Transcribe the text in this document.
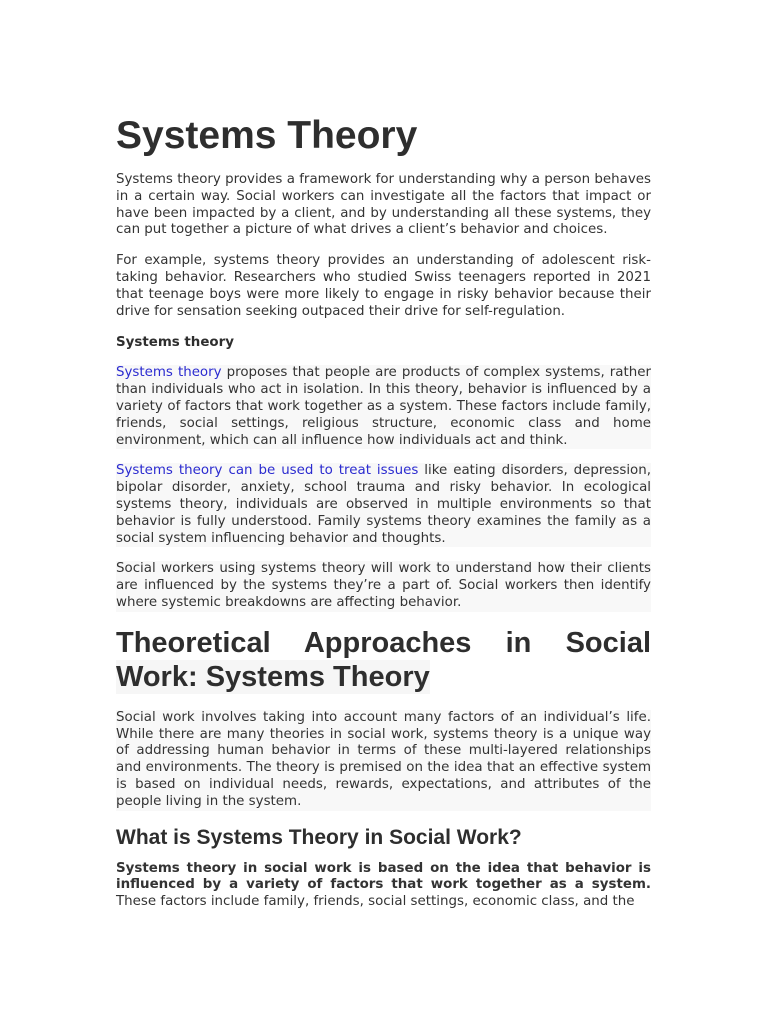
Systems Theory

Systems theory provides a framework for understanding why a person behaves in a certain way. Social workers can investigate all the factors that impact or have been impacted by a client, and by understanding all these systems, they can put together a picture of what drives a client’s behavior and choices.

For example, systems theory provides an understanding of adolescent risk-taking behavior. Researchers who studied Swiss teenagers reported in 2021 that teenage boys were more likely to engage in risky behavior because their drive for sensation seeking outpaced their drive for self-regulation.

Systems theory

Systems theory proposes that people are products of complex systems, rather than individuals who act in isolation. In this theory, behavior is influenced by a variety of factors that work together as a system. These factors include family, friends, social settings, religious structure, economic class and home environment, which can all influence how individuals act and think.

Systems theory can be used to treat issues like eating disorders, depression, bipolar disorder, anxiety, school trauma and risky behavior. In ecological systems theory, individuals are observed in multiple environments so that behavior is fully understood. Family systems theory examines the family as a social system influencing behavior and thoughts.

Social workers using systems theory will work to understand how their clients are influenced by the systems they’re a part of. Social workers then identify where systemic breakdowns are affecting behavior.

Theoretical Approaches in Social
Work: Systems Theory

Social work involves taking into account many factors of an individual’s life. While there are many theories in social work, systems theory is a unique way of addressing human behavior in terms of these multi-layered relationships and environments. The theory is premised on the idea that an effective system is based on individual needs, rewards, expectations, and attributes of the people living in the system.

What is Systems Theory in Social Work?

Systems theory in social work is based on the idea that behavior is influenced by a variety of factors that work together as a system. These factors include family, friends, social settings, economic class, and the
